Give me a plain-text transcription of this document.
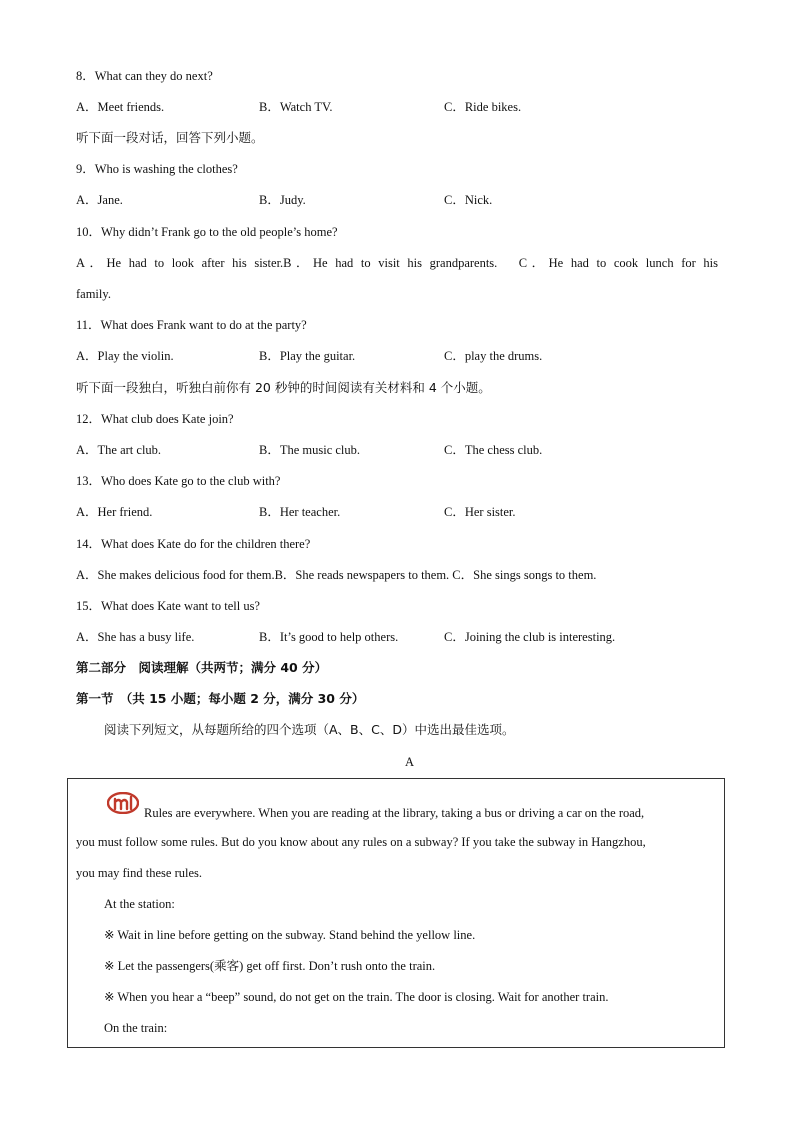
8．What can they do next?
A．Meet friends.	B．Watch TV.	C．Ride bikes.
听下面一段对话，回答下列小题。
9．Who is washing the clothes?
A．Jane.	B．Judy.	C．Nick.
10．Why didn’t Frank go to the old people’s home?
A．He had to look after his sister.B．He had to visit his grandparents.　C．He had to cook lunch for his
family.
11．What does Frank want to do at the party?
A．Play the violin.	B．Play the guitar.	C．play the drums.
听下面一段独白，听独白前你有 20 秒钟的时间阅读有关材料和 4 个小题。
12．What club does Kate join?
A．The art club.	B．The music club.	C．The chess club.
13．Who does Kate go to the club with?
A．Her friend.	B．Her teacher.	C．Her sister.
14．What does Kate do for the children there?
A．She makes delicious food for them.B．She reads newspapers to them. C．She sings songs to them.
15．What does Kate want to tell us?
A．She has a busy life.	B．It’s good to help others.	C．Joining the club is interesting.
第二部分　阅读理解（共两节；满分 40 分）
第一节　（共 15 小题；每小题 2 分，满分 30 分）
阅读下列短文，从每题所给的四个选项（A、B、C、D）中选出最佳选项。
A
Rules are everywhere. When you are reading at the library, taking a bus or driving a car on the road,
you must follow some rules. But do you know about any rules on a subway? If you take the subway in Hangzhou,
you may find these rules.
At the station:
※ Wait in line before getting on the subway. Stand behind the yellow line.
※ Let the passengers(乘客) get off first. Don’t rush onto the train.
※ When you hear a “beep” sound, do not get on the train. The door is closing. Wait for another train.
On the train:
